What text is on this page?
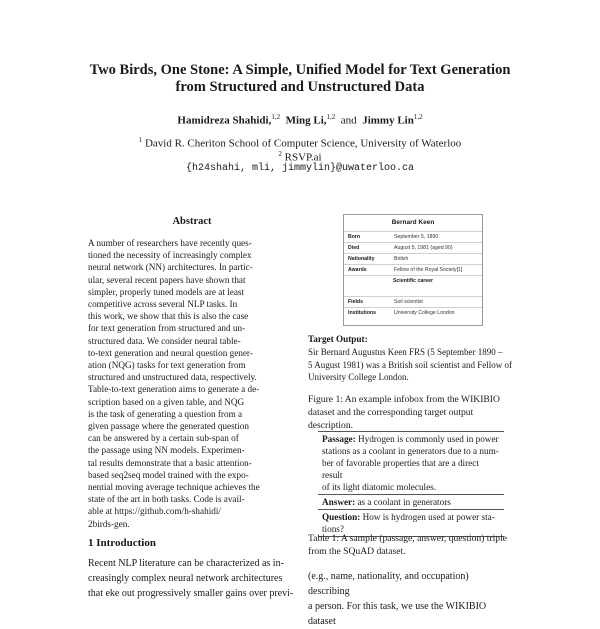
Two Birds, One Stone: A Simple, Unified Model for Text Generation
from Structured and Unstructured Data
Hamidreza Shahidi,$^{1,2}$ Ming Li,$^{1,2}$ and Jimmy Lin$^{1,2}$
$^1$ David R. Cheriton School of Computer Science, University of Waterloo
$^2$ RSVP.ai
{h24shahi, mli, jimmylin}@uwaterloo.ca
Abstract
A number of researchers have recently ques-
tioned the necessity of increasingly complex
neural network (NN) architectures. In partic-
ular, several recent papers have shown that
simpler, properly tuned models are at least
competitive across several NLP tasks. In
this work, we show that this is also the case
for text generation from structured and un-
structured data. We consider neural table-
to-text generation and neural question gener-
ation (NQG) tasks for text generation from
structured and unstructured data, respectively.
Table-to-text generation aims to generate a de-
scription based on a given table, and NQG
is the task of generating a question from a
given passage where the generated question
can be answered by a certain sub-span of
the passage using NN models. Experimen-
tal results demonstrate that a basic attention-
based seq2seq model trained with the expo-
nential moving average technique achieves the
state of the art in both tasks. Code is avail-
able at https://github.com/h-shahidi/
2birds-gen.
1 Introduction
Recent NLP literature can be characterized as in-
creasingly complex neural network architectures
that eke out progressively smaller gains over previ-
Bernard Keen
Born	September 5, 1890
Died	August 5, 1981 (aged 90)
Nationality	British
Awards	Fellow of the Royal Society[1]
Scientific career
Fields	Soil scientist
Institutions	University College London
Target Output:
Sir Bernard Augustus Keen FRS (5 September 1890 –
5 August 1981) was a British soil scientist and Fellow of
University College London.
Figure 1: An example infobox from the WIKIBIO
dataset and the corresponding target output description.
Passage: Hydrogen is commonly used in power
stations as a coolant in generators due to a num-
ber of favorable properties that are a direct result
of its light diatomic molecules.
Answer: as a coolant in generators
Question: How is hydrogen used at power sta-
tions?
Table 1: A sample (passage, answer, question) triple
from the SQuAD dataset.
(e.g., name, nationality, and occupation) describing
a person. For this task, we use the WIKIBIO dataset
